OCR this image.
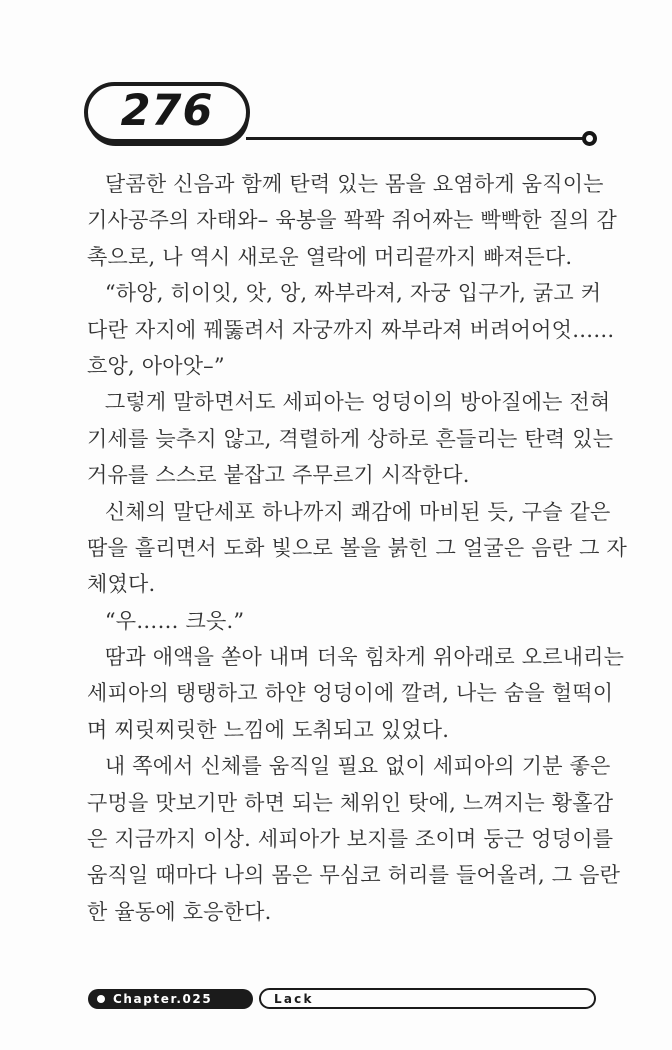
276
달콤한 신음과 함께 탄력 있는 몸을 요염하게 움직이는
기사공주의 자태와– 육봉을 꽉꽉 쥐어짜는 빡빡한 질의 감
촉으로, 나 역시 새로운 열락에 머리끝까지 빠져든다.
“하앙, 히이잇, 앗, 앙, 짜부라져, 자궁 입구가, 굵고 커
다란 자지에 꿰뚫려서 자궁까지 짜부라져 버려어어엇……
흐앙, 아아앗–”
그렇게 말하면서도 세피아는 엉덩이의 방아질에는 전혀
기세를 늦추지 않고, 격렬하게 상하로 흔들리는 탄력 있는
거유를 스스로 붙잡고 주무르기 시작한다.
신체의 말단세포 하나까지 쾌감에 마비된 듯, 구슬 같은
땀을 흘리면서 도화 빛으로 볼을 붉힌 그 얼굴은 음란 그 자
체였다.
“우…… 크읏.”
땀과 애액을 쏟아 내며 더욱 힘차게 위아래로 오르내리는
세피아의 탱탱하고 하얀 엉덩이에 깔려, 나는 숨을 헐떡이
며 찌릿찌릿한 느낌에 도취되고 있었다.
내 쪽에서 신체를 움직일 필요 없이 세피아의 기분 좋은
구멍을 맛보기만 하면 되는 체위인 탓에, 느껴지는 황홀감
은 지금까지 이상. 세피아가 보지를 조이며 둥근 엉덩이를
움직일 때마다 나의 몸은 무심코 허리를 들어올려, 그 음란
한 율동에 호응한다.
Chapter.025	Lack
